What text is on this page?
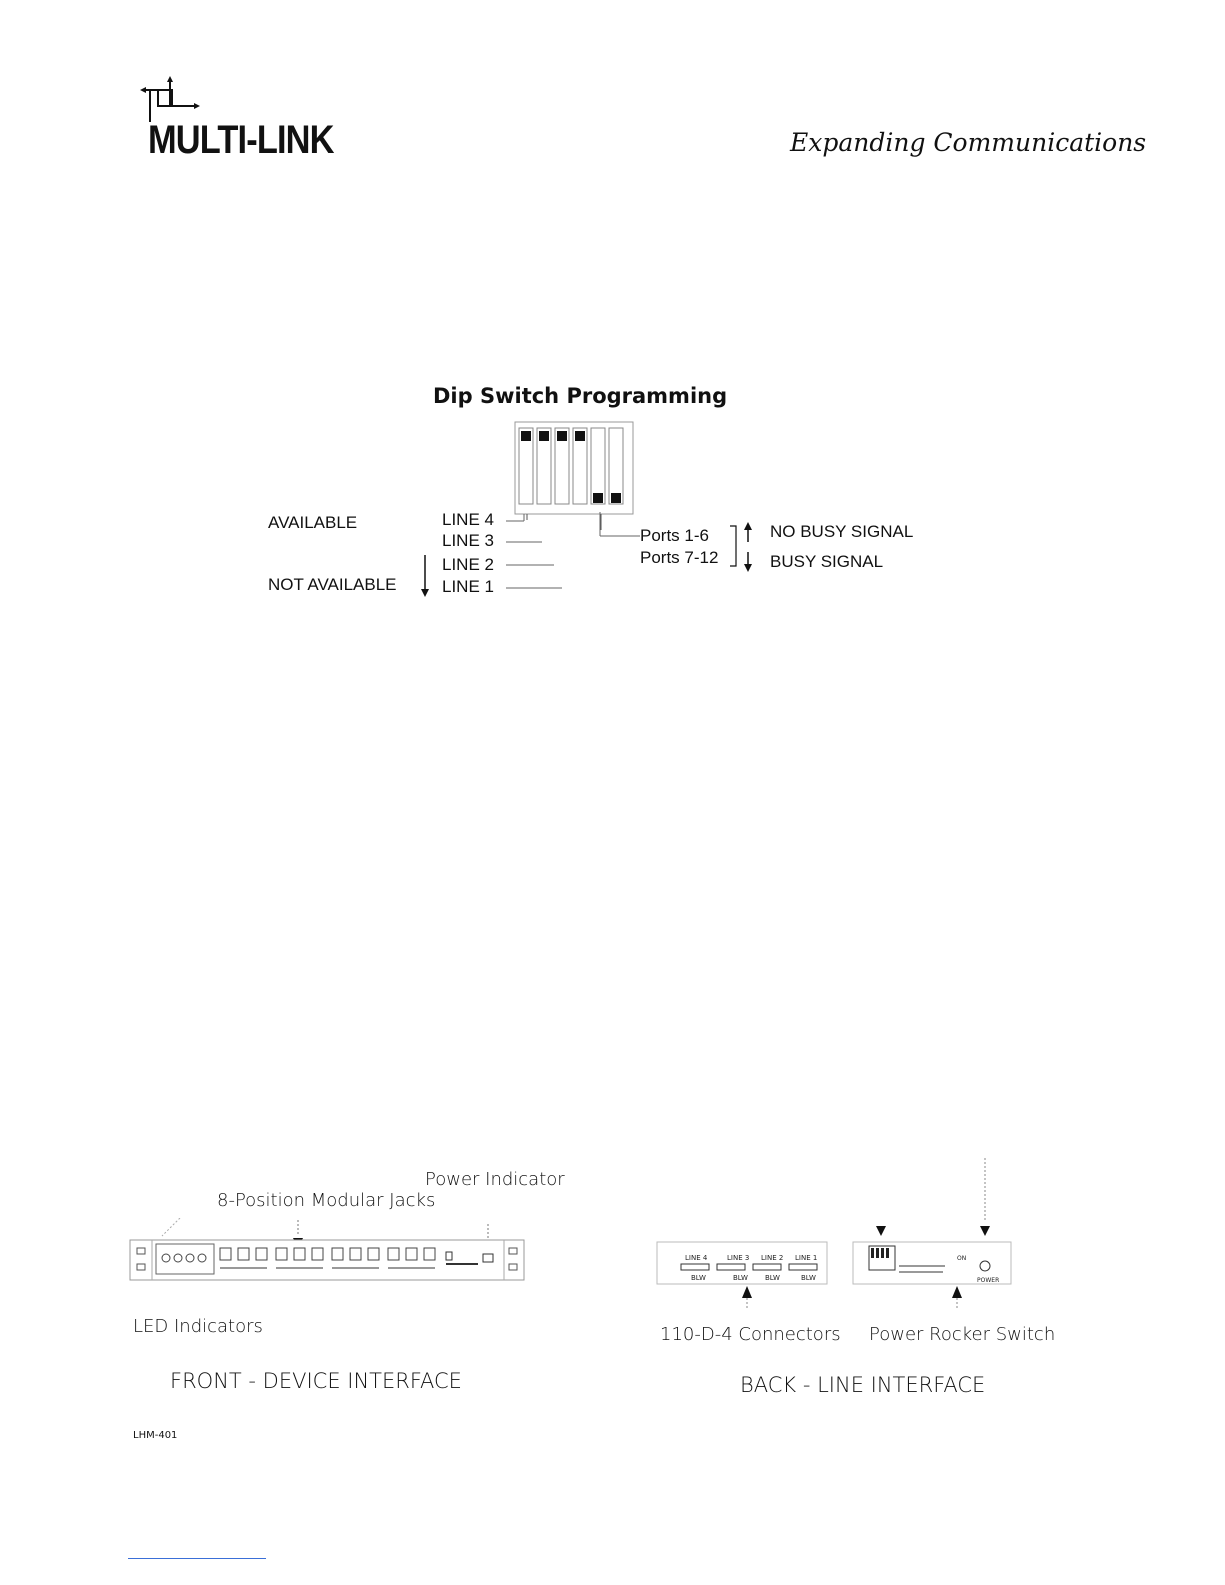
MULTI-LINK	Expanding Communications
Dip Switch Programming
AVAILABLE
NOT AVAILABLE
LINE 4
LINE 3
LINE 2
LINE 1
Ports 1-6
Ports 7-12
NO BUSY SIGNAL
BUSY SIGNAL
Power Indicator
8-Position Modular Jacks
LED Indicators
FRONT - DEVICE INTERFACE
LINE 4	LINE 3 LINE 2 LINE 1
BLW	BLW BLW	BLW
ON
POWER
110-D-4 Connectors Power Rocker Switch
BACK - LINE INTERFACE
LHM-401
